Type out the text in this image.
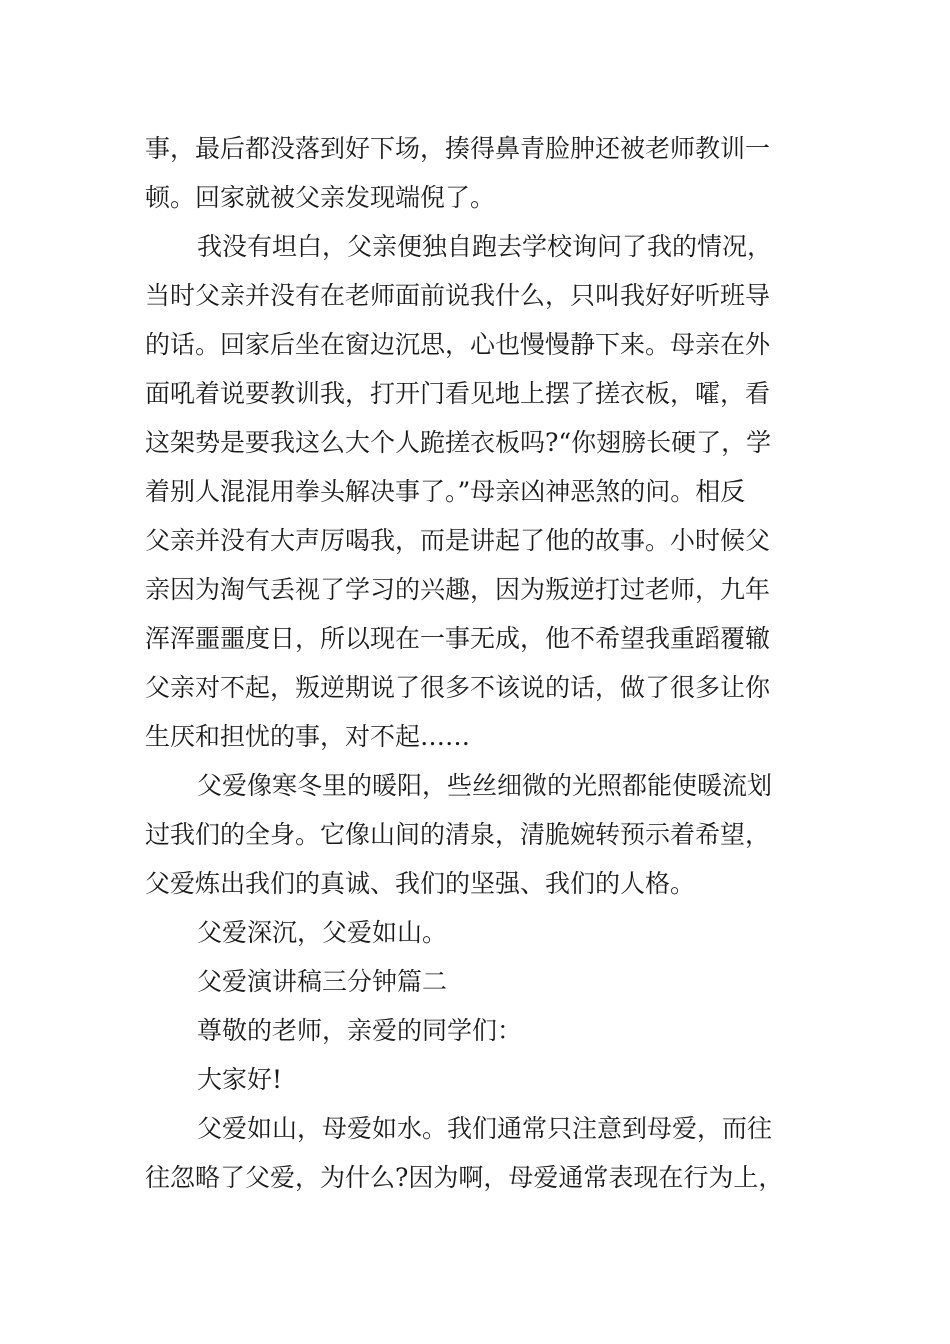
事，最后都没落到好下场，揍得鼻青脸肿还被老师教训一

顿。回家就被父亲发现端倪了。

我没有坦白，父亲便独自跑去学校询问了我的情况，

当时父亲并没有在老师面前说我什么，只叫我好好听班导

的话。回家后坐在窗边沉思，心也慢慢静下来。母亲在外

面吼着说要教训我，打开门看见地上摆了搓衣板，嚯，看

这架势是要我这么大个人跪搓衣板吗?“你翅膀长硬了，学

着别人混混用拳头解决事了。”母亲凶神恶煞的问。相反

父亲并没有大声厉喝我，而是讲起了他的故事。小时候父

亲因为淘气丢视了学习的兴趣，因为叛逆打过老师，九年

浑浑噩噩度日，所以现在一事无成，他不希望我重蹈覆辙

父亲对不起，叛逆期说了很多不该说的话，做了很多让你

生厌和担忧的事，对不起……

父爱像寒冬里的暖阳，些丝细微的光照都能使暖流划

过我们的全身。它像山间的清泉，清脆婉转预示着希望，

父爱炼出我们的真诚、我们的坚强、我们的人格。

父爱深沉，父爱如山。

父爱演讲稿三分钟篇二

尊敬的老师，亲爱的同学们：

大家好!

父爱如山，母爱如水。我们通常只注意到母爱，而往

往忽略了父爱，为什么?因为啊，母爱通常表现在行为上，
